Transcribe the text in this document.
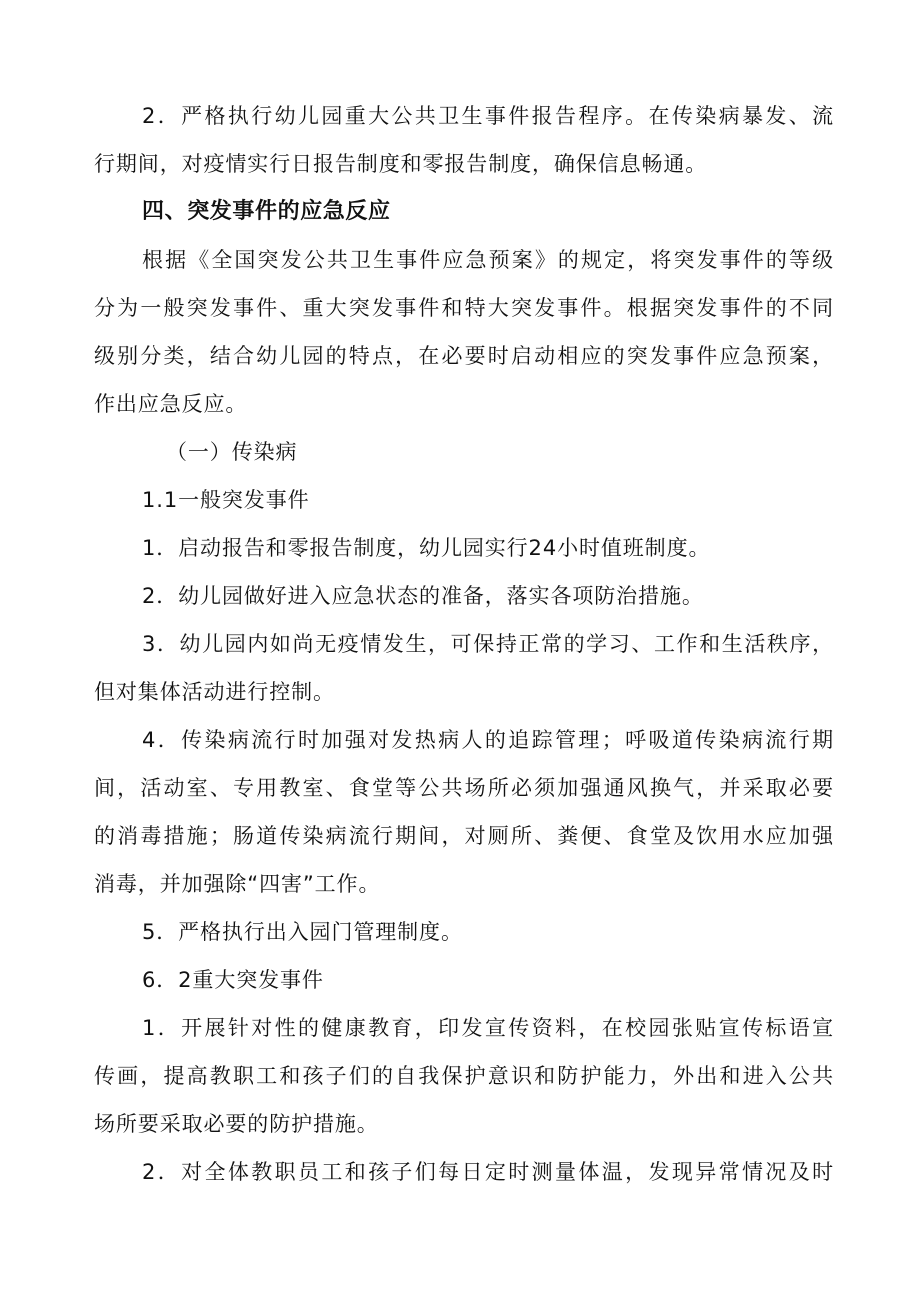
2．严格执行幼儿园重大公共卫生事件报告程序。在传染病暴发、流
行期间，对疫情实行日报告制度和零报告制度，确保信息畅通。
四、突发事件的应急反应
根据《全国突发公共卫生事件应急预案》的规定，将突发事件的等级
分为一般突发事件、重大突发事件和特大突发事件。根据突发事件的不同
级别分类，结合幼儿园的特点，在必要时启动相应的突发事件应急预案，
作出应急反应。
（一）传染病
1.1一般突发事件
1．启动报告和零报告制度，幼儿园实行24小时值班制度。
2．幼儿园做好进入应急状态的准备，落实各项防治措施。
3．幼儿园内如尚无疫情发生，可保持正常的学习、工作和生活秩序，
但对集体活动进行控制。
4．传染病流行时加强对发热病人的追踪管理；呼吸道传染病流行期
间，活动室、专用教室、食堂等公共场所必须加强通风换气，并采取必要
的消毒措施；肠道传染病流行期间，对厕所、粪便、食堂及饮用水应加强
消毒，并加强除“四害”工作。
5．严格执行出入园门管理制度。
6．2重大突发事件
1．开展针对性的健康教育，印发宣传资料，在校园张贴宣传标语宣
传画，提高教职工和孩子们的自我保护意识和防护能力，外出和进入公共
场所要采取必要的防护措施。
2．对全体教职员工和孩子们每日定时测量体温，发现异常情况及时
